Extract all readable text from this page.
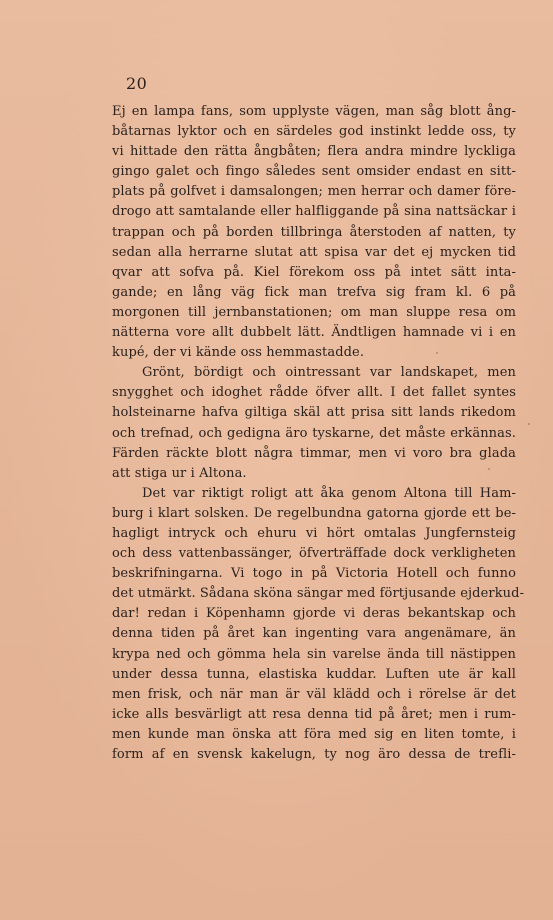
20
Ej en lampa fans, som upplyste vägen, man såg blott ång-
båtarnas lyktor och en särdeles god instinkt ledde oss, ty
vi hittade den rätta ångbåten; flera andra mindre lyckliga
gingo galet och fingo således sent omsider endast en sitt-
plats på golfvet i damsalongen; men herrar och damer före-
drogo att samtalande eller halfliggande på sina nattsäckar i
trappan och på borden tillbringa återstoden af natten, ty
sedan alla herrarne slutat att spisa var det ej mycken tid
qvar att sofva på. Kiel förekom oss på intet sätt inta-
gande; en lång väg fick man trefva sig fram kl. 6 på
morgonen till jernbanstationen; om man sluppe resa om
nätterna vore allt dubbelt lätt. Ändtligen hamnade vi i en
kupé, der vi kände oss hemmastadde.
Grönt, bördigt och ointressant var landskapet, men
snygghet och idoghet rådde öfver allt. I det fallet syntes
holsteinarne hafva giltiga skäl att prisa sitt lands rikedom
och trefnad, och gedigna äro tyskarne, det måste erkännas.
Färden räckte blott några timmar, men vi voro bra glada
att stiga ur i Altona.
Det var riktigt roligt att åka genom Altona till Ham-
burg i klart solsken. De regelbundna gatorna gjorde ett be-
hagligt intryck och ehuru vi hört omtalas Jungfernsteig
och dess vattenbassänger, öfverträffade dock verkligheten
beskrifningarna. Vi togo in på Victoria Hotell och funno
det utmärkt. Sådana sköna sängar med förtjusande ejderkud-
dar! redan i Köpenhamn gjorde vi deras bekantskap och
denna tiden på året kan ingenting vara angenämare, än
krypa ned och gömma hela sin varelse ända till nästippen
under dessa tunna, elastiska kuddar. Luften ute är kall
men frisk, och när man är väl klädd och i rörelse är det
icke alls besvärligt att resa denna tid på året; men i rum-
men kunde man önska att föra med sig en liten tomte, i
form af en svensk kakelugn, ty nog äro dessa de trefli-
